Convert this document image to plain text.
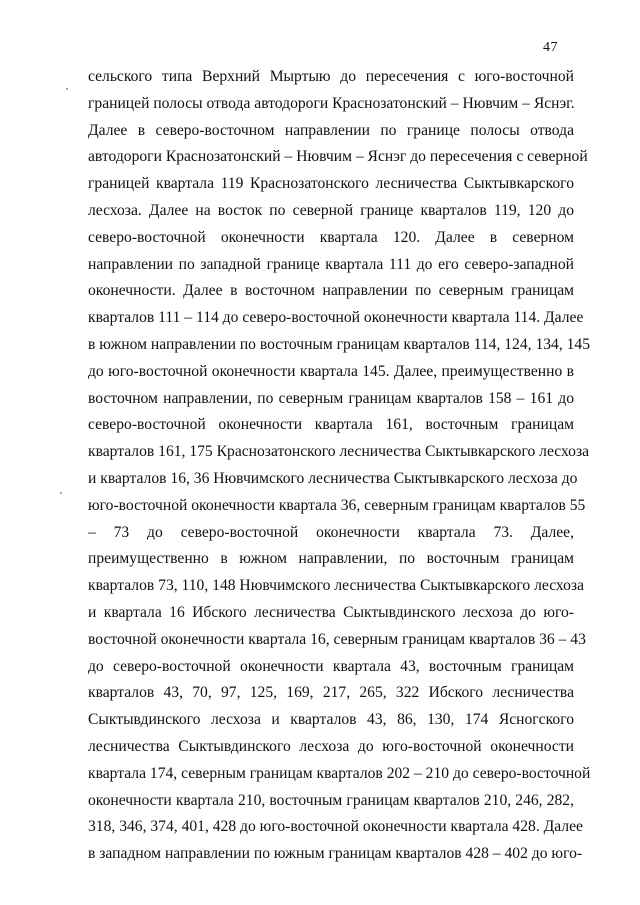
47
сельского типа Верхний Мыртыю до пересечения с юго-восточной
границей полосы отвода автодороги Краснозатонский – Нювчим – Яснэг.
Далее в северо-восточном направлении по границе полосы отвода
автодороги Краснозатонский – Нювчим – Яснэг до пересечения с северной
границей квартала 119 Краснозатонского лесничества Сыктывкарского
лесхоза. Далее на восток по северной границе кварталов 119, 120 до
северо-восточной оконечности квартала 120. Далее в северном
направлении по западной границе квартала 111 до его северо-западной
оконечности. Далее в восточном направлении по северным границам
кварталов 111 – 114 до северо-восточной оконечности квартала 114. Далее
в южном направлении по восточным границам кварталов 114, 124, 134, 145
до юго-восточной оконечности квартала 145. Далее, преимущественно в
восточном направлении, по северным границам кварталов 158 – 161 до
северо-восточной оконечности квартала 161, восточным границам
кварталов 161, 175 Краснозатонского лесничества Сыктывкарского лесхоза
и кварталов 16, 36 Нювчимского лесничества Сыктывкарского лесхоза до
юго-восточной оконечности квартала 36, северным границам кварталов 55
– 73 до северо-восточной оконечности квартала 73. Далее,
преимущественно в южном направлении, по восточным границам
кварталов 73, 110, 148 Нювчимского лесничества Сыктывкарского лесхоза
и квартала 16 Ибского лесничества Сыктывдинского лесхоза до юго-
восточной оконечности квартала 16, северным границам кварталов 36 – 43
до северо-восточной оконечности квартала 43, восточным границам
кварталов 43, 70, 97, 125, 169, 217, 265, 322 Ибского лесничества
Сыктывдинского лесхоза и кварталов 43, 86, 130, 174 Ясногского
лесничества Сыктывдинского лесхоза до юго-восточной оконечности
квартала 174, северным границам кварталов 202 – 210 до северо-восточной
оконечности квартала 210, восточным границам кварталов 210, 246, 282,
318, 346, 374, 401, 428 до юго-восточной оконечности квартала 428. Далее
в западном направлении по южным границам кварталов 428 – 402 до юго-
